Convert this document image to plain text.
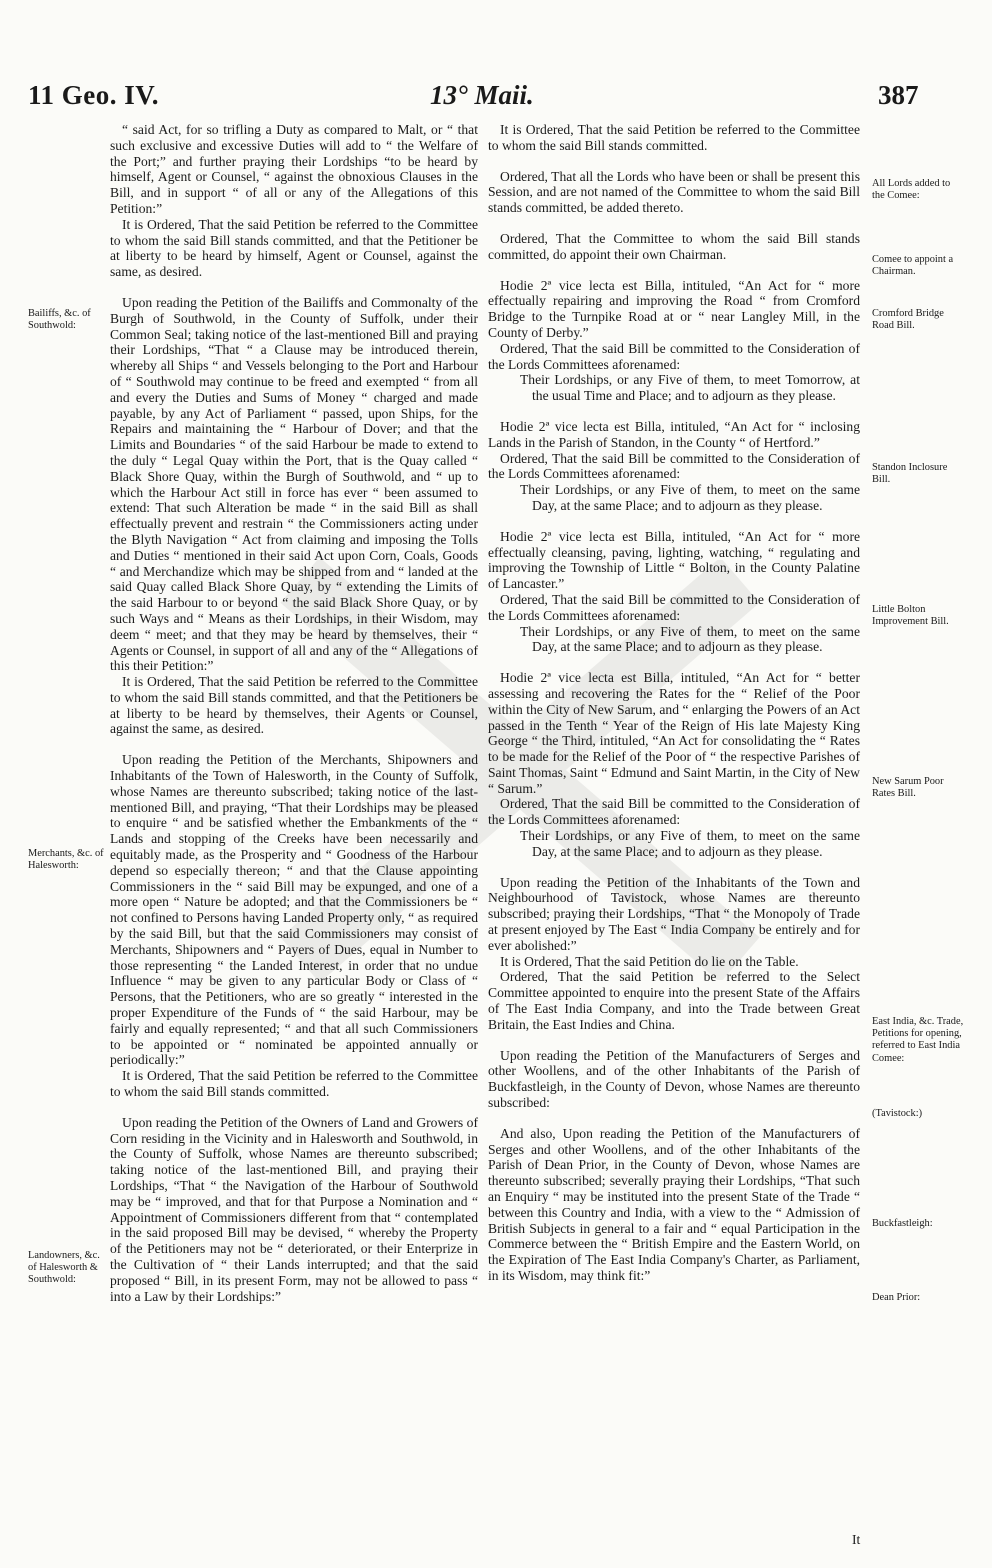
11 Geo. IV.	13° Maii.	387

“ said Act, for so trifling a Duty as compared to Malt, or “ that such exclusive and excessive Duties will add to “ the Welfare of the Port;” and further praying their Lordships “to be heard by himself, Agent or Counsel, “ against the obnoxious Clauses in the Bill, and in support “ of all or any of the Allegations of this Petition:”

It is Ordered, That the said Petition be referred to the Committee to whom the said Bill stands committed, and that the Petitioner be at liberty to be heard by himself, Agent or Counsel, against the same, as desired.

Upon reading the Petition of the Bailiffs and Commonalty of the Burgh of Southwold, in the County of Suffolk, under their Common Seal; taking notice of the last-mentioned Bill and praying their Lordships, “That “ a Clause may be introduced therein, whereby all Ships “ and Vessels belonging to the Port and Harbour of “ Southwold may continue to be freed and exempted “ from all and every the Duties and Sums of Money “ charged and made payable, by any Act of Parliament “ passed, upon Ships, for the Repairs and maintaining the “ Harbour of Dover; and that the Limits and Boundaries “ of the said Harbour be made to extend to the duly “ Legal Quay within the Port, that is the Quay called “ Black Shore Quay, within the Burgh of Southwold, and “ up to which the Harbour Act still in force has ever “ been assumed to extend: That such Alteration be made “ in the said Bill as shall effectually prevent and restrain “ the Commissioners acting under the Blyth Navigation “ Act from claiming and imposing the Tolls and Duties “ mentioned in their said Act upon Corn, Coals, Goods “ and Merchandize which may be shipped from and “ landed at the said Quay called Black Shore Quay, by “ extending the Limits of the said Harbour to or beyond “ the said Black Shore Quay, or by such Ways and “ Means as their Lordships, in their Wisdom, may deem “ meet; and that they may be heard by themselves, their “ Agents or Counsel, in support of all and any of the “ Allegations of this their Petition:”

It is Ordered, That the said Petition be referred to the Committee to whom the said Bill stands committed, and that the Petitioners be at liberty to be heard by themselves, their Agents or Counsel, against the same, as desired.

Upon reading the Petition of the Merchants, Shipowners and Inhabitants of the Town of Halesworth, in the County of Suffolk, whose Names are thereunto subscribed; taking notice of the last-mentioned Bill, and praying, “That their Lordships may be pleased to enquire “ and be satisfied whether the Embankments of the “ Lands and stopping of the Creeks have been necessarily and equitably made, as the Prosperity and “ Goodness of the Harbour depend so especially thereon; “ and that the Clause appointing Commissioners in the “ said Bill may be expunged, and one of a more open “ Nature be adopted; and that the Commissioners be “ not confined to Persons having Landed Property only, “ as required by the said Bill, but that the said Commissioners may consist of Merchants, Shipowners and “ Payers of Dues, equal in Number to those representing “ the Landed Interest, in order that no undue Influence “ may be given to any particular Body or Class of “ Persons, that the Petitioners, who are so greatly “ interested in the proper Expenditure of the Funds of “ the said Harbour, may be fairly and equally represented; “ and that all such Commissioners to be appointed or “ nominated be appointed annually or periodically:”

It is Ordered, That the said Petition be referred to the Committee to whom the said Bill stands committed.

Upon reading the Petition of the Owners of Land and Growers of Corn residing in the Vicinity and in Halesworth and Southwold, in the County of Suffolk, whose Names are thereunto subscribed; taking notice of the last-mentioned Bill, and praying their Lordships, “That “ the Navigation of the Harbour of Southwold may be “ improved, and that for that Purpose a Nomination and “ Appointment of Commissioners different from that “ contemplated in the said proposed Bill may be devised, “ whereby the Property of the Petitioners may not be “ deteriorated, or their Enterprize in the Cultivation of “ their Lands interrupted; and that the said proposed “ Bill, in its present Form, may not be allowed to pass “ into a Law by their Lordships:”

Bailiffs, &c. of Southwold:
Merchants, &c. of Halesworth:
Landowners, &c. of Halesworth & Southwold:

It is Ordered, That the said Petition be referred to the Committee to whom the said Bill stands committed.

Ordered, That all the Lords who have been or shall be present this Session, and are not named of the Committee to whom the said Bill stands committed, be added thereto.

Ordered, That the Committee to whom the said Bill stands committed, do appoint their own Chairman.

Hodie 2ª vice lecta est Billa, intituled, “An Act for “ more effectually repairing and improving the Road “ from Cromford Bridge to the Turnpike Road at or “ near Langley Mill, in the County of Derby.”

Ordered, That the said Bill be committed to the Consideration of the Lords Committees aforenamed:

Their Lordships, or any Five of them, to meet Tomorrow, at the usual Time and Place; and to adjourn as they please.

Hodie 2ª vice lecta est Billa, intituled, “An Act for “ inclosing Lands in the Parish of Standon, in the County “ of Hertford.”

Ordered, That the said Bill be committed to the Consideration of the Lords Committees aforenamed:

Their Lordships, or any Five of them, to meet on the same Day, at the same Place; and to adjourn as they please.

Hodie 2ª vice lecta est Billa, intituled, “An Act for “ more effectually cleansing, paving, lighting, watching, “ regulating and improving the Township of Little “ Bolton, in the County Palatine of Lancaster.”

Ordered, That the said Bill be committed to the Consideration of the Lords Committees aforenamed:

Their Lordships, or any Five of them, to meet on the same Day, at the same Place; and to adjourn as they please.

Hodie 2ª vice lecta est Billa, intituled, “An Act for “ better assessing and recovering the Rates for the “ Relief of the Poor within the City of New Sarum, and “ enlarging the Powers of an Act passed in the Tenth “ Year of the Reign of His late Majesty King George “ the Third, intituled, “An Act for consolidating the “ Rates to be made for the Relief of the Poor of “ the respective Parishes of Saint Thomas, Saint “ Edmund and Saint Martin, in the City of New “ Sarum.”

Ordered, That the said Bill be committed to the Consideration of the Lords Committees aforenamed:

Their Lordships, or any Five of them, to meet on the same Day, at the same Place; and to adjourn as they please.

Upon reading the Petition of the Inhabitants of the Town and Neighbourhood of Tavistock, whose Names are thereunto subscribed; praying their Lordships, “That “ the Monopoly of Trade at present enjoyed by The East “ India Company be entirely and for ever abolished:”

It is Ordered, That the said Petition do lie on the Table.

Ordered, That the said Petition be referred to the Select Committee appointed to enquire into the present State of the Affairs of The East India Company, and into the Trade between Great Britain, the East Indies and China.

Upon reading the Petition of the Manufacturers of Serges and other Woollens, and of the other Inhabitants of the Parish of Buckfastleigh, in the County of Devon, whose Names are thereunto subscribed:

And also, Upon reading the Petition of the Manufacturers of Serges and other Woollens, and of the other Inhabitants of the Parish of Dean Prior, in the County of Devon, whose Names are thereunto subscribed; severally praying their Lordships, “That such an Enquiry “ may be instituted into the present State of the Trade “ between this Country and India, with a view to the “ Admission of British Subjects in general to a fair and “ equal Participation in the Commerce between the “ British Empire and the Eastern World, on the Expiration of The East India Company's Charter, as Parliament, in its Wisdom, may think fit:”

All Lords added to the Comee:
Comee to appoint a Chairman.
Cromford Bridge Road Bill.
Standon Inclosure Bill.
Little Bolton Improvement Bill.
New Sarum Poor Rates Bill.
East India, &c. Trade, Petitions for opening, referred to East India Comee:
(Tavistock:)
Buckfastleigh:
Dean Prior:
It
